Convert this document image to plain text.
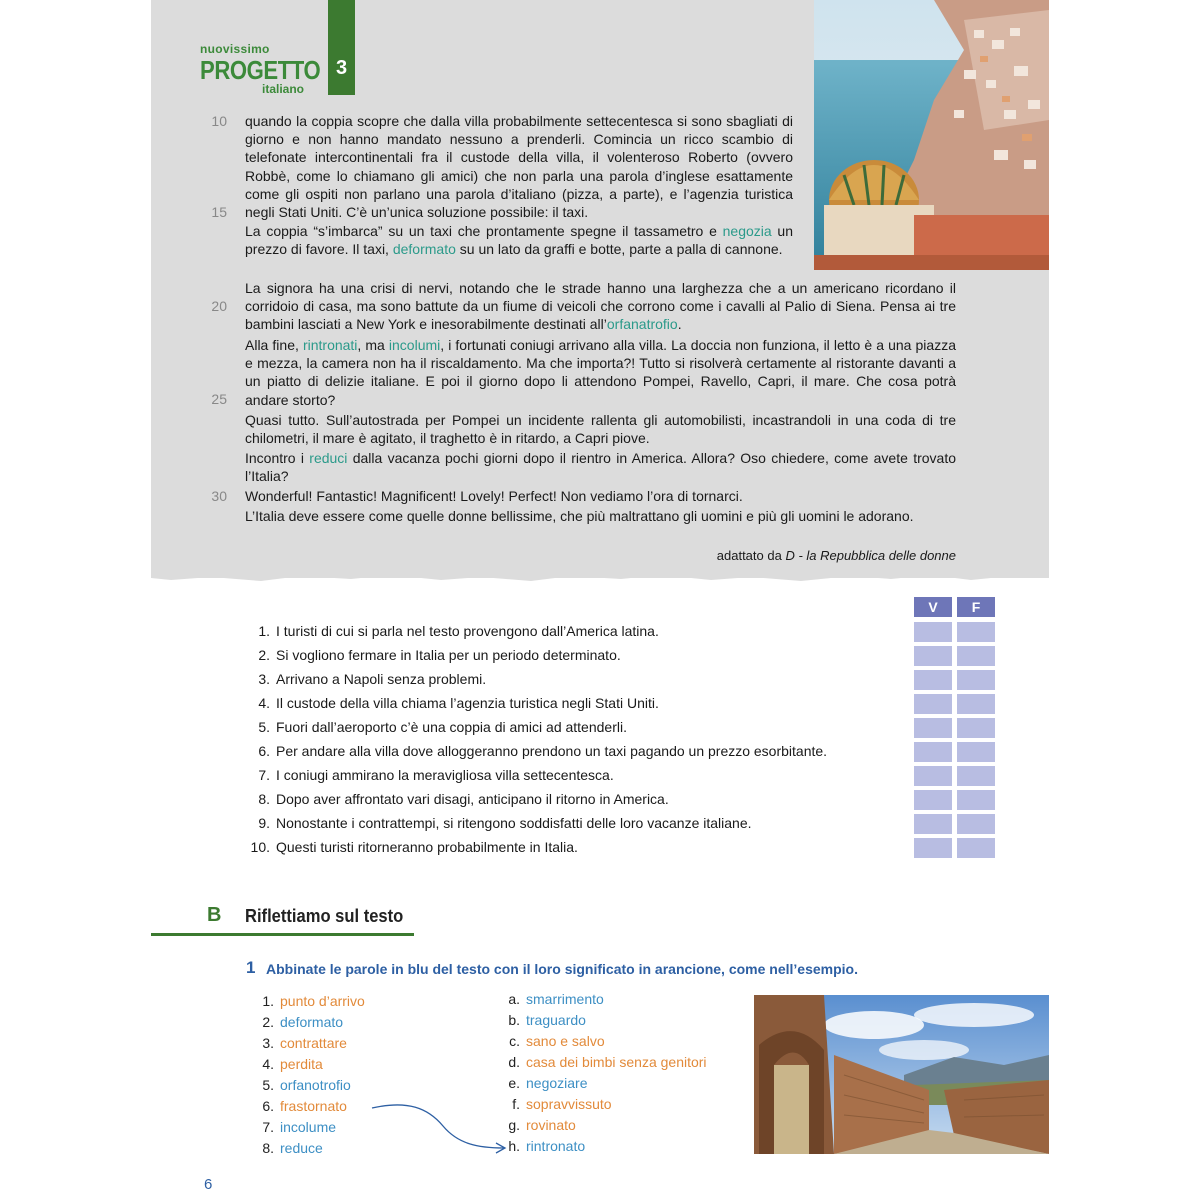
nuovissimo
PROGETTO
italiano
3
10
15
20
25
30

quando la coppia scopre che dalla villa probabilmente settecentesca si sono sbagliati di giorno e non hanno mandato nessuno a prenderli. Comincia un ricco scambio di telefonate intercontinentali fra il custode della villa, il volenteroso Roberto (ovvero Robbè, come lo chiamano gli amici) che non parla una parola d’inglese esattamente come gli ospiti non parlano una parola d’italiano (pizza, a parte), e l’agenzia turistica negli Stati Uniti. C’è un’unica soluzione possibile: il taxi.

La coppia “s’imbarca” su un taxi che prontamente spegne il tassametro e negozia un prezzo di favore. Il taxi, deformato su un lato da graffi e botte, parte a palla di cannone.

La signora ha una crisi di nervi, notando che le strade hanno una larghezza che a un americano ricordano il corridoio di casa, ma sono battute da un fiume di veicoli che corrono come i cavalli al Palio di Siena. Pensa ai tre bambini lasciati a New York e inesorabilmente destinati all’orfanatrofio.

Alla fine, rintronati, ma incolumi, i fortunati coniugi arrivano alla villa. La doccia non funziona, il letto è a una piazza e mezza, la camera non ha il riscaldamento. Ma che importa?! Tutto si risolverà certamente al ristorante davanti a un piatto di delizie italiane. E poi il giorno dopo li attendono Pompei, Ravello, Capri, il mare. Che cosa potrà andare storto?

Quasi tutto. Sull’autostrada per Pompei un incidente rallenta gli automobilisti, incastrandoli in una coda di tre chilometri, il mare è agitato, il traghetto è in ritardo, a Capri piove.

Incontro i reduci dalla vacanza pochi giorni dopo il rientro in America. Allora? Oso chiedere, come avete trovato l’Italia?

Wonderful! Fantastic! Magnificent! Lovely! Perfect! Non vediamo l’ora di tornarci.

L’Italia deve essere come quelle donne bellissime, che più maltrattano gli uomini e più gli uomini le adorano.

adattato da D - la Repubblica delle donne
V	F
1. I turisti di cui si parla nel testo provengono dall’America latina.
2. Si vogliono fermare in Italia per un periodo determinato.
3. Arrivano a Napoli senza problemi.
4. Il custode della villa chiama l’agenzia turistica negli Stati Uniti.
5. Fuori dall’aeroporto c’è una coppia di amici ad attenderli.
6. Per andare alla villa dove alloggeranno prendono un taxi pagando un prezzo esorbitante.
7. I coniugi ammirano la meravigliosa villa settecentesca.
8. Dopo aver affrontato vari disagi, anticipano il ritorno in America.
9. Nonostante i contrattempi, si ritengono soddisfatti delle loro vacanze italiane.
10. Questi turisti ritorneranno probabilmente in Italia.
B Riflettiamo sul testo
1 Abbinate le parole in blu del testo con il loro significato in arancione, come nell’esempio.
1. punto d’arrivo
2. deformato
3. contrattare
4. perdita
5. orfanotrofio
6. frastornato
7. incolume
8. reduce
a. smarrimento
b. traguardo
c. sano e salvo
d. casa dei bimbi senza genitori
e. negoziare
f. sopravvissuto
g. rovinato
h. rintronato
6
